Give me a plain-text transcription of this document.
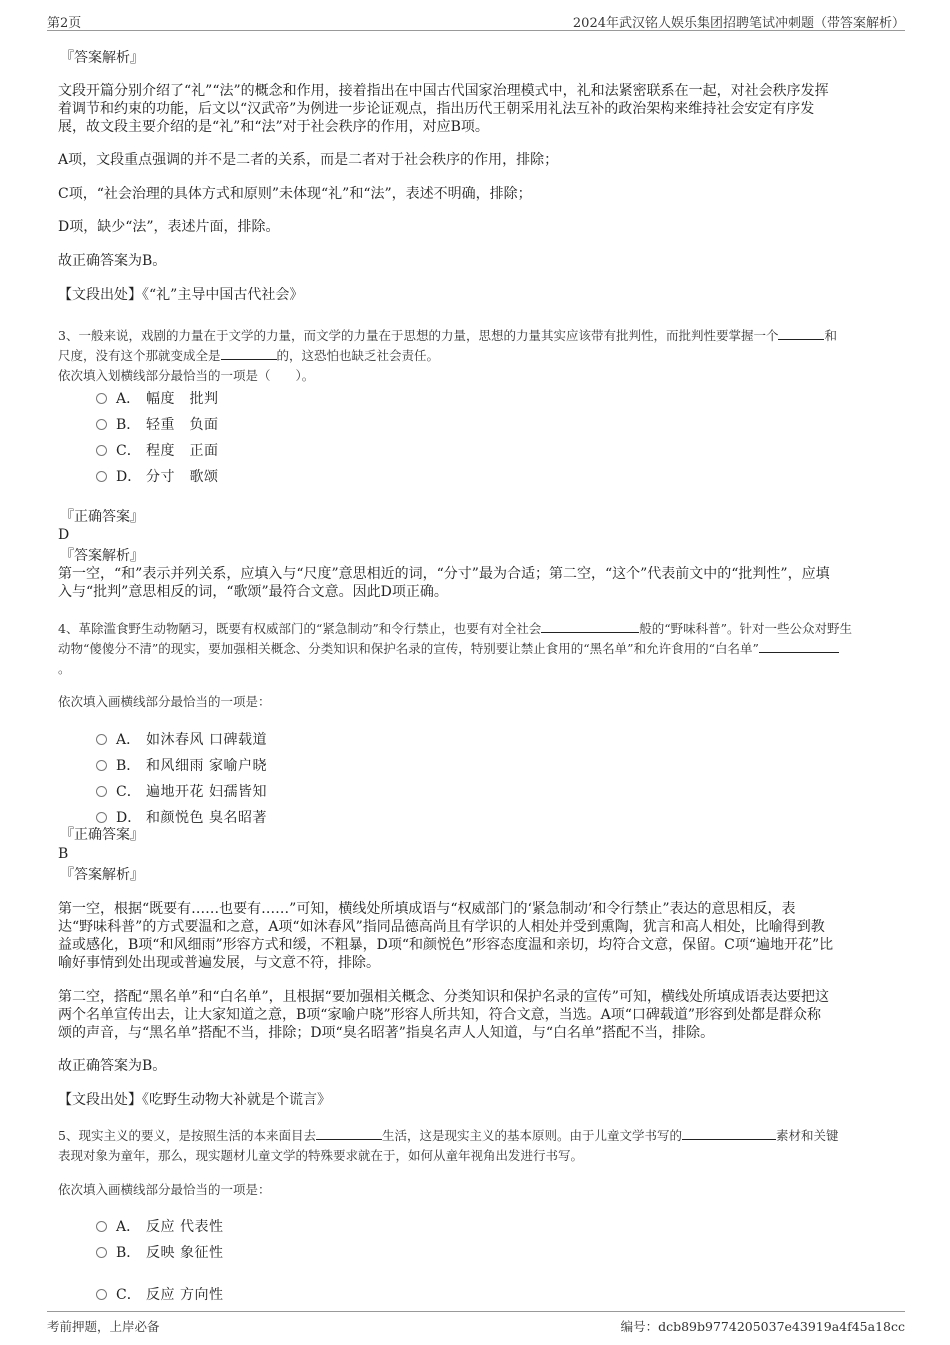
第2页	2024年武汉铭人娱乐集团招聘笔试冲刺题（带答案解析）
『答案解析』
文段开篇分别介绍了“礼”“法”的概念和作用，接着指出在中国古代国家治理模式中，礼和法紧密联系在一起，对社会秩序发挥
着调节和约束的功能，后文以“汉武帝”为例进一步论证观点，指出历代王朝采用礼法互补的政治架构来维持社会安定有序发
展，故文段主要介绍的是“礼”和“法”对于社会秩序的作用，对应B项。
A项，文段重点强调的并不是二者的关系，而是二者对于社会秩序的作用，排除；
C项，“社会治理的具体方式和原则”未体现“礼”和“法”，表述不明确，排除；
D项，缺少“法”，表述片面，排除。
故正确答案为B。
【文段出处】《“礼”主导中国古代社会》
3、一般来说，戏剧的力量在于文学的力量，而文学的力量在于思想的力量，思想的力量其实应该带有批判性，而批判性要掌握一个	和
尺度，没有这个那就变成全是	的，这恐怕也缺乏社会责任。
依次填入划横线部分最恰当的一项是（　　）。
A． 幅度　批判
B． 轻重　负面
C． 程度　正面
D． 分寸　歌颂
『正确答案』
D
『答案解析』
第一空，“和”表示并列关系，应填入与“尺度”意思相近的词，“分寸”最为合适；第二空，“这个”代表前文中的“批判性”，应填
入与“批判”意思相反的词，“歌颂”最符合文意。因此D项正确。
4、革除滥食野生动物陋习，既要有权威部门的“紧急制动”和令行禁止，也要有对全社会	般的“野味科普”。针对一些公众对野生
动物“傻傻分不清”的现实，要加强相关概念、分类知识和保护名录的宣传，特别要让禁止食用的“黑名单”和允许食用的“白名单”
。
依次填入画横线部分最恰当的一项是：
A． 如沐春风 口碑载道
B． 和风细雨 家喻户晓
C． 遍地开花 妇孺皆知
D． 和颜悦色 臭名昭著
『正确答案』
B
『答案解析』
第一空，根据“既要有……也要有……”可知，横线处所填成语与“权威部门的‘紧急制动’和令行禁止”表达的意思相反，表
达“野味科普”的方式要温和之意，A项“如沐春风”指同品德高尚且有学识的人相处并受到熏陶，犹言和高人相处，比喻得到教
益或感化，B项“和风细雨”形容方式和缓，不粗暴，D项“和颜悦色”形容态度温和亲切，均符合文意，保留。C项“遍地开花”比
喻好事情到处出现或普遍发展，与文意不符，排除。
第二空，搭配“黑名单”和“白名单”，且根据“要加强相关概念、分类知识和保护名录的宣传”可知，横线处所填成语表达要把这
两个名单宣传出去，让大家知道之意，B项“家喻户晓”形容人所共知，符合文意，当选。A项“口碑载道”形容到处都是群众称
颂的声音，与“黑名单”搭配不当，排除；D项“臭名昭著”指臭名声人人知道，与“白名单”搭配不当，排除。
故正确答案为B。
【文段出处】《吃野生动物大补就是个谎言》
5、现实主义的要义，是按照生活的本来面目去	生活，这是现实主义的基本原则。由于儿童文学书写的	素材和关键
表现对象为童年，那么，现实题材儿童文学的特殊要求就在于，如何从童年视角出发进行书写。
依次填入画横线部分最恰当的一项是：
A． 反应 代表性
B． 反映 象征性
C． 反应 方向性
考前押题，上岸必备	编号：dcb89b9774205037e43919a4f45a18cc
